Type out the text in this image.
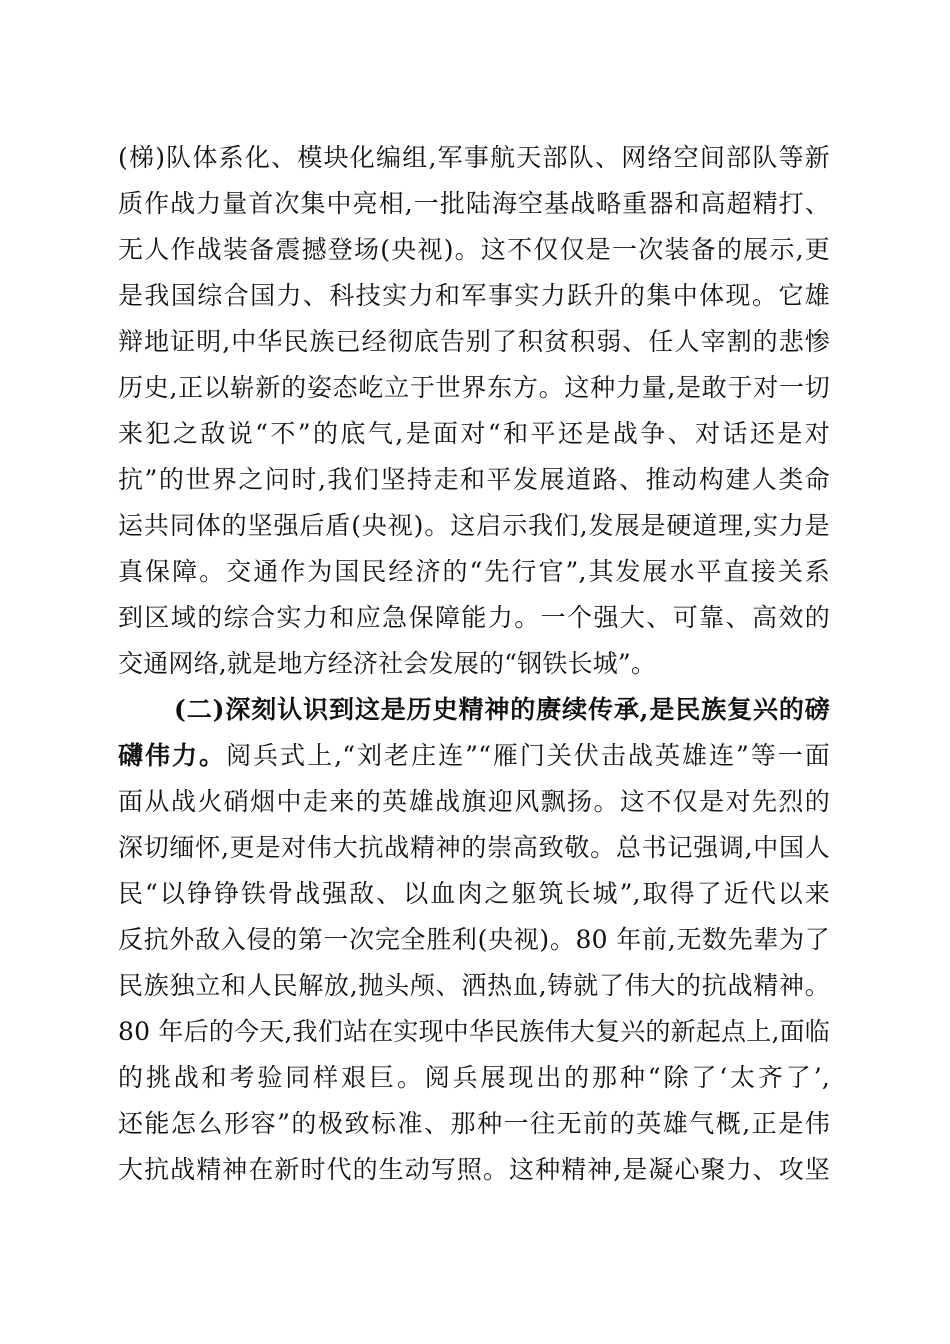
(梯)队体系化、模块化编组,军事航天部队、网络空间部队等新
质作战力量首次集中亮相,一批陆海空基战略重器和高超精打、
无人作战装备震撼登场(央视)。这不仅仅是一次装备的展示,更
是我国综合国力、科技实力和军事实力跃升的集中体现。它雄
辩地证明,中华民族已经彻底告别了积贫积弱、任人宰割的悲惨
历史,正以崭新的姿态屹立于世界东方。这种力量,是敢于对一切
来犯之敌说“不”的底气,是面对“和平还是战争、对话还是对
抗”的世界之问时,我们坚持走和平发展道路、推动构建人类命
运共同体的坚强后盾(央视)。这启示我们,发展是硬道理,实力是
真保障。交通作为国民经济的“先行官”,其发展水平直接关系
到区域的综合实力和应急保障能力。一个强大、可靠、高效的
交通网络,就是地方经济社会发展的“钢铁长城”。
(二)深刻认识到这是历史精神的赓续传承,是民族复兴的磅
礴伟力。阅兵式上,“刘老庄连”“雁门关伏击战英雄连”等一面
面从战火硝烟中走来的英雄战旗迎风飘扬。这不仅是对先烈的
深切缅怀,更是对伟大抗战精神的崇高致敬。总书记强调,中国人
民“以铮铮铁骨战强敌、以血肉之躯筑长城”,取得了近代以来
反抗外敌入侵的第一次完全胜利(央视)。80 年前,无数先辈为了
民族独立和人民解放,抛头颅、洒热血,铸就了伟大的抗战精神。
80 年后的今天,我们站在实现中华民族伟大复兴的新起点上,面临
的挑战和考验同样艰巨。阅兵展现出的那种“除了‘太齐了’,
还能怎么形容”的极致标准、那种一往无前的英雄气概,正是伟
大抗战精神在新时代的生动写照。这种精神,是凝心聚力、攻坚
